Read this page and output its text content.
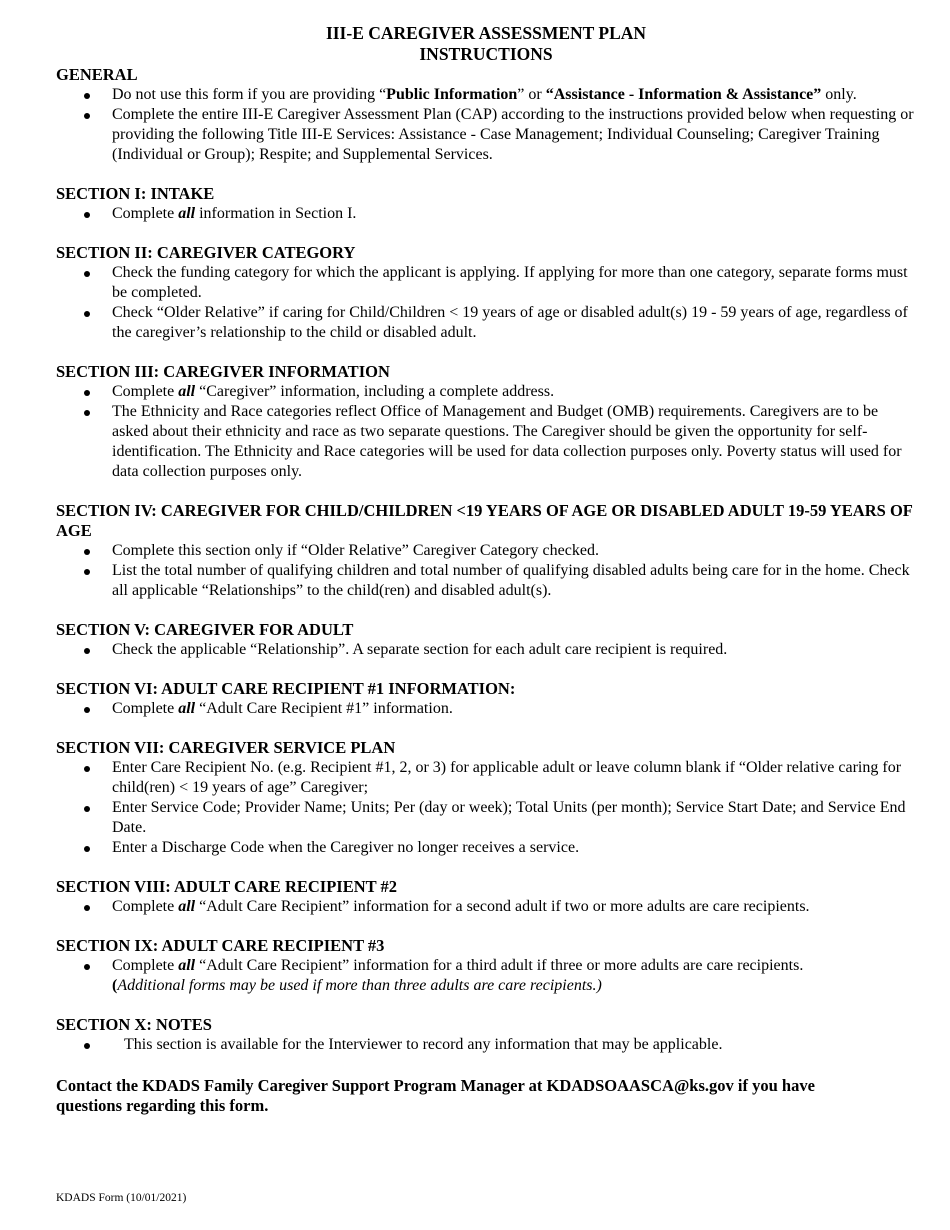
III-E CAREGIVER ASSESSMENT PLAN
INSTRUCTIONS

GENERAL

Do not use this form if you are providing “Public Information” or “Assistance - Information & Assistance” only.
Complete the entire III-E Caregiver Assessment Plan (CAP) according to the instructions provided below when requesting or providing the following Title III-E Services: Assistance - Case Management; Individual Counseling; Caregiver Training (Individual or Group); Respite; and Supplemental Services.

SECTION I: INTAKE

Complete all information in Section I.

SECTION II: CAREGIVER CATEGORY

Check the funding category for which the applicant is applying. If applying for more than one category, separate forms must be completed.
Check “Older Relative” if caring for Child/Children < 19 years of age or disabled adult(s) 19 - 59 years of age, regardless of the caregiver’s relationship to the child or disabled adult.

SECTION III: CAREGIVER INFORMATION

Complete all “Caregiver” information, including a complete address.
The Ethnicity and Race categories reflect Office of Management and Budget (OMB) requirements. Caregivers are to be asked about their ethnicity and race as two separate questions. The Caregiver should be given the opportunity for self-identification. The Ethnicity and Race categories will be used for data collection purposes only. Poverty status will used for data collection purposes only.

SECTION IV: CAREGIVER FOR CHILD/CHILDREN <19 YEARS OF AGE OR DISABLED ADULT 19-59 YEARS OF AGE

Complete this section only if “Older Relative” Caregiver Category checked.
List the total number of qualifying children and total number of qualifying disabled adults being care for in the home. Check all applicable “Relationships” to the child(ren) and disabled adult(s).

SECTION V: CAREGIVER FOR ADULT

Check the applicable “Relationship”. A separate section for each adult care recipient is required.

SECTION VI: ADULT CARE RECIPIENT #1 INFORMATION:

Complete all “Adult Care Recipient #1” information.

SECTION VII: CAREGIVER SERVICE PLAN

Enter Care Recipient No. (e.g. Recipient #1, 2, or 3) for applicable adult or leave column blank if “Older relative caring for child(ren) < 19 years of age” Caregiver;
Enter Service Code; Provider Name; Units; Per (day or week); Total Units (per month); Service Start Date; and Service End Date.
Enter a Discharge Code when the Caregiver no longer receives a service.

SECTION VIII: ADULT CARE RECIPIENT #2

Complete all “Adult Care Recipient” information for a second adult if two or more adults are care recipients.

SECTION IX: ADULT CARE RECIPIENT #3

Complete all “Adult Care Recipient” information for a third adult if three or more adults are care recipients.
(Additional forms may be used if more than three adults are care recipients.)

SECTION X: NOTES

This section is available for the Interviewer to record any information that may be applicable.

Contact the KDADS Family Caregiver Support Program Manager at KDADSOAASCA@ks.gov if you have questions regarding this form.

KDADS Form (10/01/2021)
